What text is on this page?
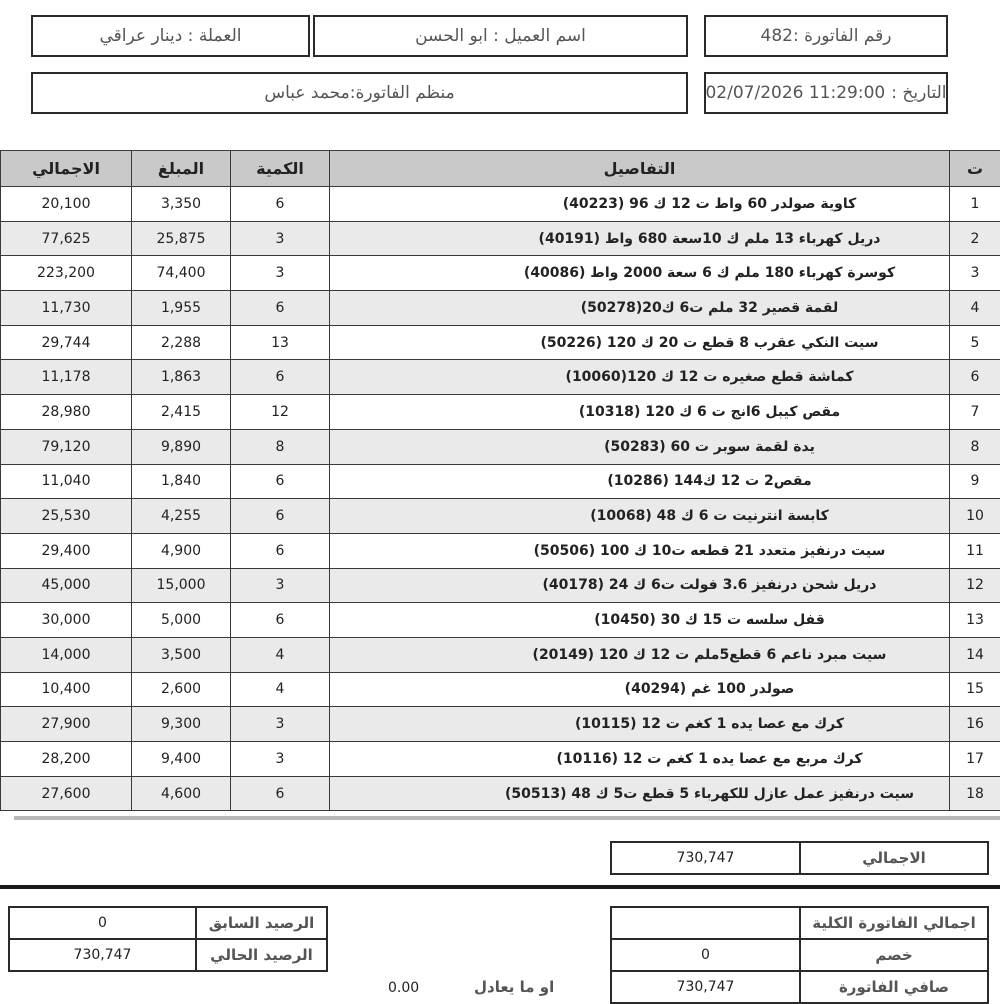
رقم الفاتورة :482
اسم العميل : ابو الحسن
العملة : دينار عراقي
التاريخ :
02/07/2026 11:29:00
منظم الفاتورة:محمد عباس
الاجمالي	المبلغ	الكمية	التفاصيل	ت
20,100	3,350	6	كاوية صولدر 60 واط ت 12 ك 96 (40223)	1
77,625	25,875	3	دريل كهرباء 13 ملم ك 10سعة 680 واط (40191)	2
223,200	74,400	3	كوسرة كهرباء 180 ملم ك 6 سعة 2000 واط (40086)	3
11,730	1,955	6	لقمة قصير 32 ملم ت6 ك20(50278)	4
29,744	2,288	13	سيت النكي عقرب 8 قطع ت 20 ك 120 (50226)	5
11,178	1,863	6	كماشة قطع صغيره ت 12 ك 120(10060)	6
28,980	2,415	12	مقص كيبل 6انج ت 6 ك 120 (10318)	7
79,120	9,890	8	يدة لقمة سوبر ت 60 (50283)	8
11,040	1,840	6	مقص2 ت 12 ك144 (10286)	9
25,530	4,255	6	كابسة انترنيت ت 6 ك 48 (10068)	10
29,400	4,900	6	سيت درنفيز متعدد 21 قطعه ت10 ك 100 (50506)	11
45,000	15,000	3	دريل شحن درنفيز 3.6 فولت ت6 ك 24 (40178)	12
30,000	5,000	6	قفل سلسه ت 15 ك 30 (10450)	13
14,000	3,500	4	سيت مبرد ناعم 6 قطع5ملم ت 12 ك 120 (20149)	14
10,400	2,600	4	صولدر 100 غم (40294)	15
27,900	9,300	3	كرك مع عصا يده 1 كغم ت 12 (10115)	16
28,200	9,400	3	كرك مربع مع عصا يده 1 كغم ت 12 (10116)	17
27,600	4,600	6	سيت درنفيز عمل عازل للكهرباء 5 قطع ت5 ك 48 (50513)	18
730,747	الاجمالي
	اجمالي الفاتورة الكلية
0	خصم
730,747	صافي الفاتورة
0	الرصيد السابق
730,747	الرصيد الحالي
او ما يعادل
0.00
